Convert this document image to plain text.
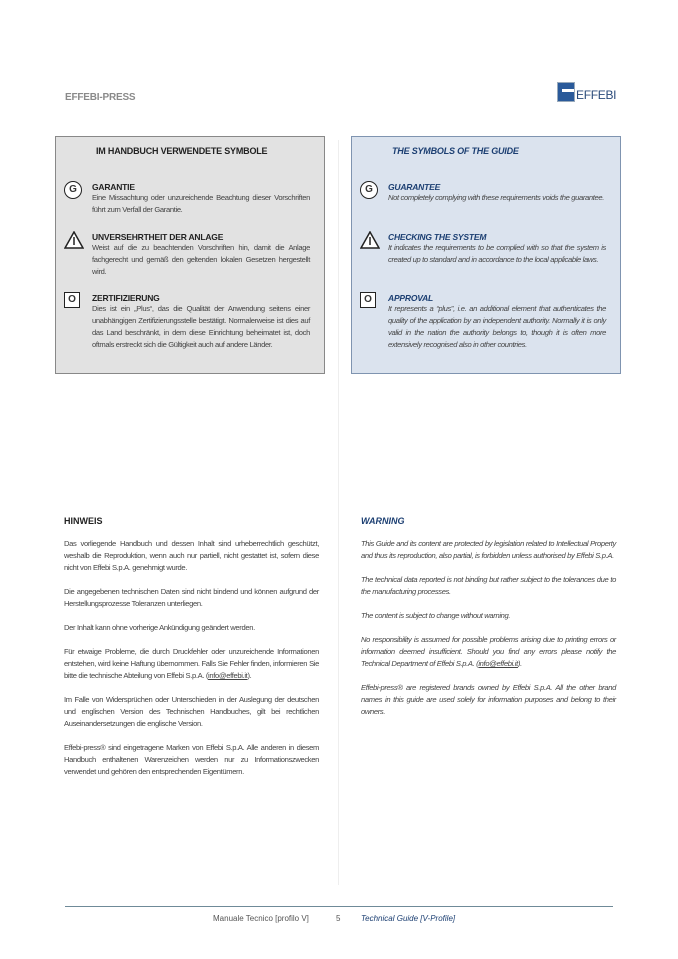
EFFEBI-PRESS	EFFEBI
IM HANDBUCH VERWENDETE SYMBOLE
G	GARANTIE
Eine Missachtung oder unzureichende Beachtung dieser Vorschriften führt zum Verfall der Garantie.
UNVERSEHRTHEIT DER ANLAGE
Weist auf die zu beachtenden Vorschriften hin, damit die Anlage fachgerecht und gemäß den geltenden lokalen Gesetzen hergestellt wird.
O	ZERTIFIZIERUNG
Dies ist ein „Plus“, das die Qualität der Anwendung seitens einer unabhängigen Zertifizierungsstelle bestätigt. Normalerweise ist dies auf das Land beschränkt, in dem diese Einrichtung beheimatet ist, doch oftmals erstreckt sich die Gültigkeit auch auf andere Länder.
THE SYMBOLS OF THE GUIDE
G	GUARANTEE
Not completely complying with these requirements voids the guarantee.
CHECKING THE SYSTEM
It indicates the requirements to be complied with so that the system is created up to standard and in accordance to the local applicable laws.
O	APPROVAL
It represents a “plus”, i.e. an additional element that authenticates the quality of the application by an independent authority. Normally it is only valid in the nation the authority belongs to, though it is often more extensively recognised also in other countries.
HINWEIS

Das vorliegende Handbuch und dessen Inhalt sind urheberrechtlich geschützt, weshalb die Reproduktion, wenn auch nur partiell, nicht gestattet ist, sofern diese nicht von Effebi S.p.A. genehmigt wurde.

Die angegebenen technischen Daten sind nicht bindend und können aufgrund der Herstellungsprozesse Toleranzen unterliegen.

Der Inhalt kann ohne vorherige Ankündigung geändert werden.

Für etwaige Probleme, die durch Druckfehler oder unzureichende Informationen entstehen, wird keine Haftung übernommen. Falls Sie Fehler finden, informieren Sie bitte die technische Abteilung von Effebi S.p.A. (info@effebi.it).

Im Falle von Widersprüchen oder Unterschieden in der Auslegung der deutschen und englischen Version des Technischen Handbuches, gilt bei rechtlichen Auseinandersetzungen die englische Version.

Effebi-press® sind eingetragene Marken von Effebi S.p.A. Alle anderen in diesem Handbuch enthaltenen Warenzeichen werden nur zu Informationszwecken verwendet und gehören den entsprechenden Eigentümern.

WARNING

This Guide and its content are protected by legislation related to Intellectual Property and thus its reproduction, also partial, is forbidden unless authorised by Effebi S.p.A.

The technical data reported is not binding but rather subject to the tolerances due to the manufacturing processes.

The content is subject to change without warning.

No responsibility is assumed for possible problems arising due to printing errors or information deemed insufficient. Should you find any errors please notify the Technical Department of Effebi S.p.A. (info@effebi.it).

Effebi-press® are registered brands owned by Effebi S.p.A. All the other brand names in this guide are used solely for information purposes and belong to their owners.

Manuale Tecnico [profilo V]	5	Technical Guide [V-Profile]
